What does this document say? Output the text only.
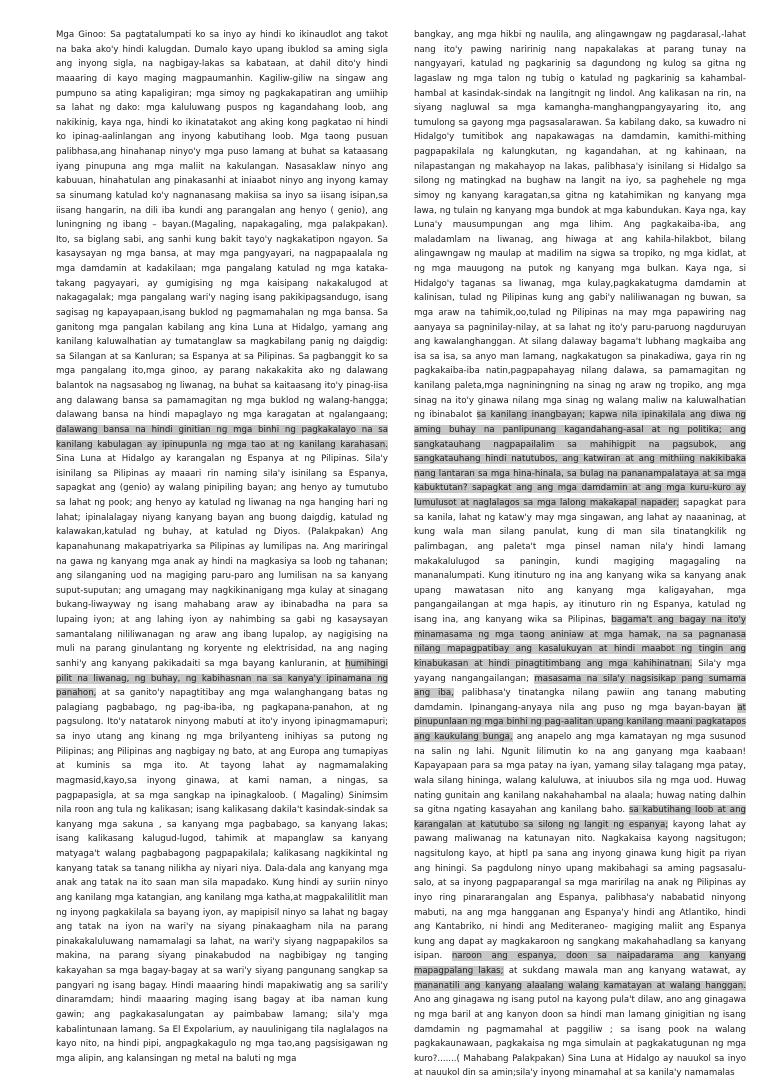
Mga Ginoo: Sa pagtatalumpati ko sa inyo ay hindi ko ikinaudlot ang takot na baka ako'y hindi kalugdan. Dumalo kayo upang ibuklod sa aming sigla ang inyong sigla, na nagbigay-lakas sa kabataan, at dahil dito'y hindi maaaring di kayo maging magpaumanhin. Kagiliw-giliw na singaw ang pumpuno sa ating kapaligiran; mga simoy ng pagkakapatiran ang umiihip sa lahat ng dako: mga kaluluwang puspos ng kagandahang loob, ang nakikinig, kaya nga, hindi ko ikinatatakot ang aking kong pagkatao ni hindi ko ipinag-aalinlangan ang inyong kabutihang loob. Mga taong pusuan palibhasa,ang hinahanap ninyo'y mga puso lamang at buhat sa kataasang iyang pinupuna ang mga maliit na kakulangan. Nasasaklaw ninyo ang kabuuan, hinahatulan ang pinakasanhi at iniaabot ninyo ang inyong kamay sa sinumang katulad ko'y nagnanasang makiisa sa inyo sa iisang isipan,sa iisang hangarin, na dili iba kundi ang parangalan ang henyo ( genio), ang luningning ng ibang – bayan.(Magaling, napakagaling, mga palakpakan). Ito, sa biglang sabi, ang sanhi kung bakit tayo'y nagkakatipon ngayon. Sa kasaysayan ng mga bansa, at may mga pangyayari, na nagpapaalala ng mga damdamin at kadakilaan; mga pangalang katulad ng mga kataka-takang pagyayari, ay gumigising ng mga kaisipang nakakalugod at nakagagalak; mga pangalang wari'y naging isang pakikipagsandugo, isang sagisag ng kapayapaan,isang buklod ng pagmamahalan ng mga bansa. Sa ganitong mga pangalan kabilang ang kina Luna at Hidalgo, yamang ang kanilang kaluwalhatian ay tumatanglaw sa magkabilang panig ng daigdig: sa Silangan at sa Kanluran; sa Espanya at sa Pilipinas. Sa pagbanggit ko sa mga pangalang ito,mga ginoo, ay parang nakakakita ako ng dalawang balantok na nagsasabog ng liwanag, na buhat sa kaitaasang ito'y pinag-iisa ang dalawang bansa sa pamamagitan ng mga buklod ng walang-hangga; dalawang bansa na hindi mapaglayo ng mga karagatan at ngalangaang; dalawang bansa na hindi ginitian ng mga binhi ng pagkakalayo na sa kanilang kabulagan ay ipinupunla ng mga tao at ng kanilang karahasan. Sina Luna at Hidalgo ay karangalan ng Espanya at ng Pilipinas. Sila'y isinilang sa Pilipinas ay maaari rin naming sila'y isinilang sa Espanya, sapagkat ang (genio) ay walang pinipiling bayan; ang henyo ay tumutubo sa lahat ng pook; ang henyo ay katulad ng liwanag na nga hanging hari ng lahat; ipinalalagay niyang kanyang bayan ang buong daigdig, katulad ng kalawakan,katulad ng buhay, at katulad ng Diyos. (Palakpakan) Ang kapanahunang makapatriyarka sa Pilipinas ay lumilipas na. Ang mariringal na gawa ng kanyang mga anak ay hindi na magkasiya sa loob ng tahanan; ang silanganing uod na magiging paru-paro ang lumilisan na sa kanyang suput-suputan; ang umagang may nagkikinanigang mga kulay at sinagang bukang-liwayway ng isang mahabang araw ay ibinabadha na para sa lupaing iyon; at ang lahing iyon ay nahimbing sa gabi ng kasaysayan samantalang nililiwanagan ng araw ang ibang lupalop, ay nagigising na muli na parang ginulantang ng koryente ng elektrisidad, na ang naging sanhi'y ang kanyang pakikadaiti sa mga bayang kanluranin, at humihingi pilit na liwanag, ng buhay, ng kabihasnan na sa kanya'y ipinamana ng panahon, at sa ganito'y napagtitibay ang mga walanghangang batas ng palagiang pagbabago, ng pag-iba-iba, ng pagkapana-panahon, at ng pagsulong. Ito'y natatarok ninyong mabuti at ito'y inyong ipinagmamapuri; sa inyo utang ang kinang ng mga brilyanteng inihiyas sa putong ng Pilipinas; ang Pilipinas ang nagbigay ng bato, at ang Europa ang tumapiyas at kuminis sa mga ito. At tayong lahat ay nagmamalaking magmasid,kayo,sa inyong ginawa, at kami naman, a ningas, sa pagpapasigla, at sa mga sangkap na ipinagkaloob. ( Magaling) Sinimsim nila roon ang tula ng kalikasan; isang kalikasang dakila't kasindak-sindak sa kanyang mga sakuna , sa kanyang mga pagbabago, sa kanyang lakas; isang kalikasang kalugud-lugod, tahimik at mapanglaw sa kanyang matyaga't walang pagbabagong pagpapakilala; kalikasang nagkikintal ng kanyang tatak sa tanang nilikha ay niyari niya. Dala-dala ang kanyang mga anak ang tatak na ito saan man sila mapadako. Kung hindi ay suriin ninyo ang kanilang mga katangian, ang kanilang mga katha,at magpakalilitlit man ng inyong pagkakilala sa bayang iyon, ay mapipisil ninyo sa lahat ng bagay ang tatak na iyon na wari'y na siyang pinakaagham nila na parang pinakakaluluwang namamalagi sa lahat, na wari'y siyang nagpapakilos sa makina, na parang siyang pinakabudod na nagbibigay ng tanging kakayahan sa mga bagay-bagay at sa wari'y siyang pangunang sangkap sa pangyari ng isang bagay. Hindi maaaring hindi mapakiwatig ang sa sarili'y dinaramdam; hindi maaaring maging isang bagay at iba naman kung gawin; ang pagkakasalungatan ay paimbabaw lamang; sila'y mga kabalintunaan lamang. Sa El Expolarium, ay nauulinigang tila naglalagos na kayo nito, na hindi pipi, angpagkakagulo ng mga tao,ang pagsisigawan ng mga alipin, ang kalansingan ng metal na baluti ng mga

bangkay, ang mga hikbi ng naulila, ang alingawngaw ng pagdarasal,-lahat nang ito'y pawing naririnig nang napakalakas at parang tunay na nangyayari, katulad ng pagkarinig sa dagundong ng kulog sa gitna ng lagaslaw ng mga talon ng tubig o katulad ng pagkarinig sa kahambal-hambal at kasindak-sindak na langitngit ng lindol. Ang kalikasan na rin, na siyang nagluwal sa mga kamangha-manghangpangyayaring ito, ang tumulong sa gayong mga pagsasalarawan. Sa kabilang dako, sa kuwadro ni Hidalgo'y tumitibok ang napakawagas na damdamin, kamithi-mithing pagpapakilala ng kalungkutan, ng kagandahan, at ng kahinaan, na nilapastangan ng makahayop na lakas, palibhasa'y isinilang si Hidalgo sa silong ng matingkad na bughaw na langit na iyo, sa paghehele ng mga simoy ng kanyang karagatan,sa gitna ng katahimikan ng kanyang mga lawa, ng tulain ng kanyang mga bundok at mga kabundukan. Kaya nga, kay Luna'y mausumpungan ang mga lihim. Ang pagkakaiba-iba, ang maladamlam na liwanag, ang hiwaga at ang kahila-hilakbot, bilang alingawngaw ng maulap at madilim na sigwa sa tropiko, ng mga kidlat, at ng mga mauugong na putok ng kanyang mga bulkan. Kaya nga, si Hidalgo'y taganas sa liwanag, mga kulay,pagkakatugma damdamin at kalinisan, tulad ng Pilipinas kung ang gabi'y naliliwanagan ng buwan, sa mga araw na tahimik,oo,tulad ng Pilipinas na may mga papawiring nag aanyaya sa pagninilay-nilay, at sa lahat ng ito'y paru-paruong nagduruyan ang kawalanghanggan. At silang dalaway bagama't lubhang magkaiba ang isa sa isa, sa anyo man lamang, nagkakatugon sa pinakadiwa, gaya rin ng pagkakaiba-iba natin,pagpapahayag nilang dalawa, sa pamamagitan ng kanilang paleta,mga nagniningning na sinag ng araw ng tropiko, ang mga sinag na ito'y ginawa nilang mga sinag ng walang maliw na kaluwalhatian ng ibinabalot sa kanilang inangbayan; kapwa nila ipinakilala ang diwa ng aming buhay na panlipunang kagandahang-asal at ng politika; ang sangkatauhang nagpapailalim sa mahihigpit na pagsubok, ang sangkatauhang hindi natutubos, ang katwiran at ang mithiing nakikibaka nang lantaran sa mga hina-hinala, sa bulag na pananampalataya at sa mga kabuktutan? sapagkat ang ang mga damdamin at ang mga kuru-kuro ay lumulusot at naglalagos sa mga lalong makakapal napader; sapagkat para sa kanila, lahat ng kataw'y may mga singawan, ang lahat ay naaaninag, at kung wala man silang panulat, kung di man sila tinatangkilik ng palimbagan, ang paleta't mga pinsel naman nila'y hindi lamang makakalulugod sa paningin, kundi magiging magagaling na mananalumpati. Kung itinuturo ng ina ang kanyang wika sa kanyang anak upang mawatasan nito ang kanyang mga kaligayahan, mga pangangailangan at mga hapis, ay itinuturo rin ng Espanya, katulad ng isang ina, ang kanyang wika sa Pilipinas, bagama't ang bagay na ito'y minamasama ng mga taong aniniaw at mga hamak, na sa pagnanasa nilang mapagpatibay ang kasalukuyan at hindi maabot ng tingin ang kinabukasan at hindi pinagtitimbang ang mga kahihinatnan. Sila'y mga yayang nangangailangan; masasama na sila'y nagsisikap pang sumama ang iba, palibhasa'y tinatangka nilang pawiin ang tanang mabuting damdamin. Ipinangang-anyaya nila ang puso ng mga bayan-bayan at pinupunlaan ng mga binhi ng pag-aalitan upang kanilang maani pagkatapos ang kaukulang bunga, ang anapelo ang mga kamatayan ng mga susunod na salin ng lahi. Ngunit lilimutin ko na ang ganyang mga kaabaan! Kapayapaan para sa mga patay na iyan, yamang silay talagang mga patay, wala silang hininga, walang kaluluwa, at iniuubos sila ng mga uod. Huwag nating gunitain ang kanilang nakahahambal na alaala; huwag nating dalhin sa gitna ngating kasayahan ang kanilang baho. sa kabutihang loob at ang karangalan at katutubo sa silong ng langit ng espanya; kayong lahat ay pawang maliwanag na katunayan nito. Nagkakaisa kayong nagsitugon; nagsitulong kayo, at hiptl pa sana ang inyong ginawa kung higit pa riyan ang hiningi. Sa pagdulong ninyo upang makibahagi sa aming pagsasalu-salo, at sa inyong pagpaparangal sa mga maririlag na anak ng Pilipinas ay inyo ring pinararangalan ang Espanya, palibhasa'y nababatid ninyong mabuti, na ang mga hangganan ang Espanya'y hindi ang Atlantiko, hindi ang Kantabriko, ni hindi ang Mediteraneo- magiging maliit ang Espanya kung ang dapat ay magkakaroon ng sangkang makahahadlang sa kanyang isipan. naroon ang espanya, doon sa naipadarama ang kanyang mapagpalang lakas; at sukdang mawala man ang kanyang watawat, ay mananatili ang kanyang alaalang walang kamatayan at walang hanggan. Ano ang ginagawa ng isang putol na kayong pula't dilaw, ano ang ginagawa ng mga baril at ang kanyon doon sa hindi man lamang ginigitian ng isang damdamin ng pagmamahal at paggiliw ; sa isang pook na walang pagkakaunawaan, pagkakaisa ng mga simulain at pagkakatugunan ng mga kuro?.......( Mahabang Palakpakan) Sina Luna at Hidalgo ay nauukol sa inyo at nauukol din sa amin;sila'y inyong minamahal at sa kanila'y namamalas
